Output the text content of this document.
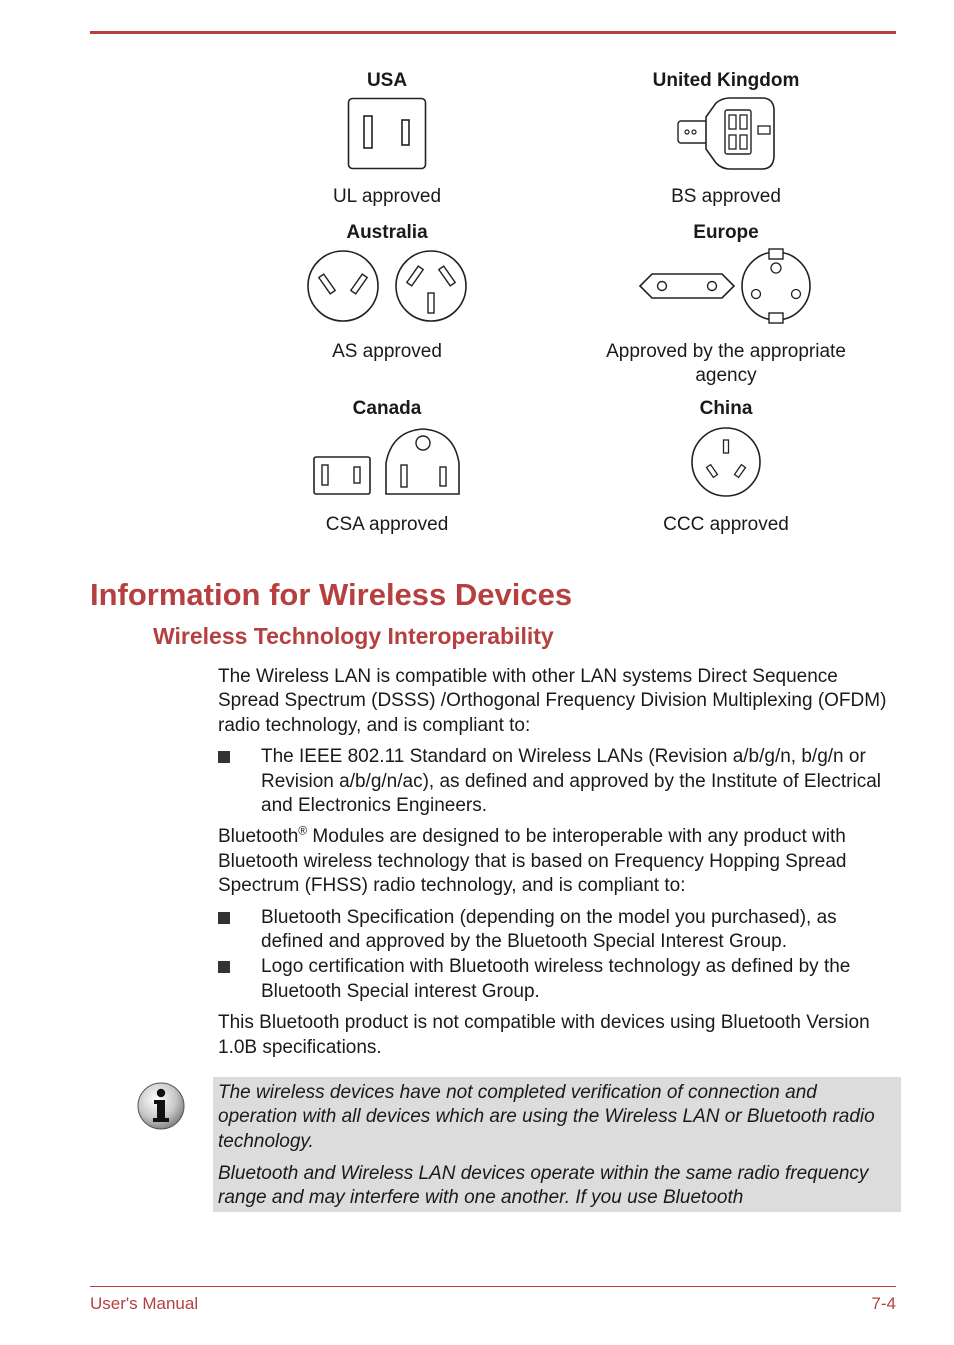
USA
UL approved
United Kingdom
BS approved
Australia
AS approved
Europe
Approved by the appropriate agency
Canada
CSA approved
China
CCC approved
Information for Wireless Devices
Wireless Technology Interoperability

The Wireless LAN is compatible with other LAN systems Direct Sequence Spread Spectrum (DSSS) /Orthogonal Frequency Division Multiplexing (OFDM) radio technology, and is compliant to:

The IEEE 802.11 Standard on Wireless LANs (Revision a/b/g/n, b/g/n or Revision a/b/g/n/ac), as defined and approved by the Institute of Electrical and Electronics Engineers.

Bluetooth® Modules are designed to be interoperable with any product with Bluetooth wireless technology that is based on Frequency Hopping Spread Spectrum (FHSS) radio technology, and is compliant to:

Bluetooth Specification (depending on the model you purchased), as defined and approved by the Bluetooth Special Interest Group.
Logo certification with Bluetooth wireless technology as defined by the Bluetooth Special interest Group.

This Bluetooth product is not compatible with devices using Bluetooth Version 1.0B specifications.

The wireless devices have not completed verification of connection and operation with all devices which are using the Wireless LAN or Bluetooth radio technology.

Bluetooth and Wireless LAN devices operate within the same radio frequency range and may interfere with one another. If you use Bluetooth

User's Manual	7-4
